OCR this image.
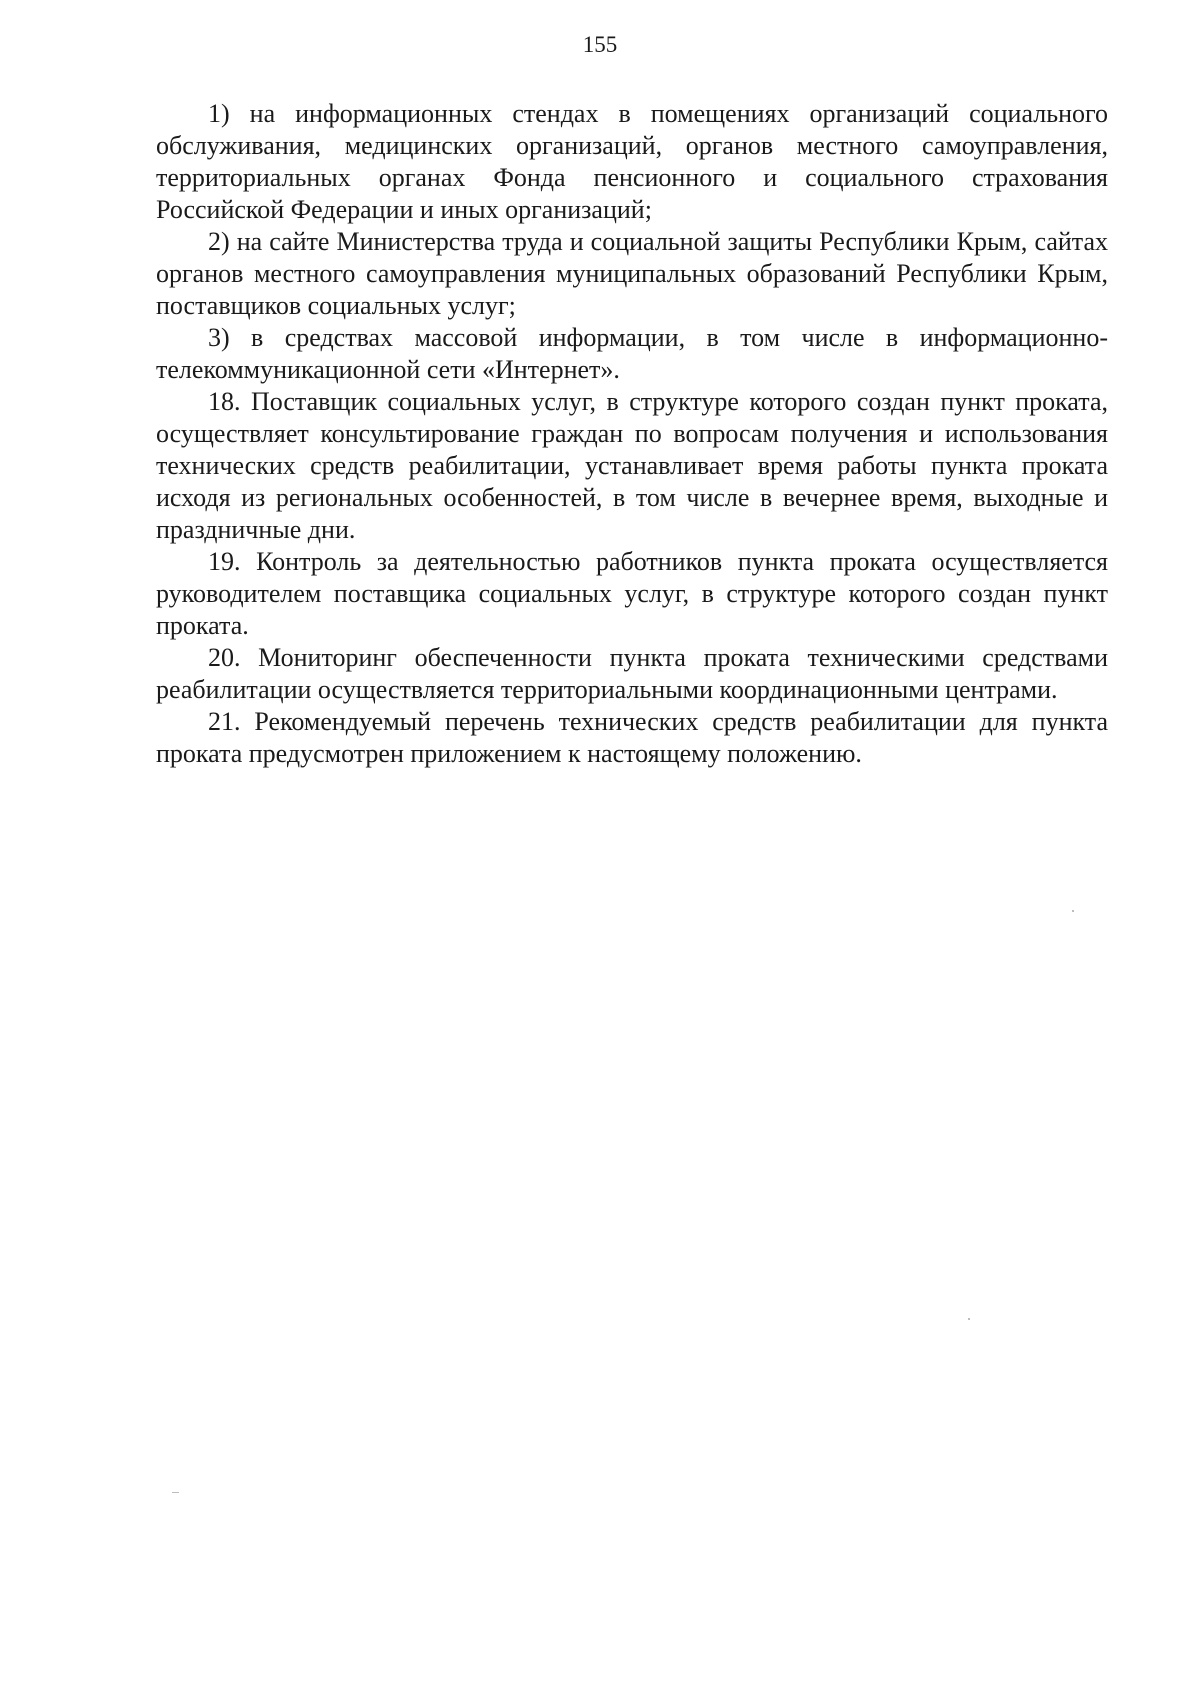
155

1) на информационных стендах в помещениях организаций социального обслуживания, медицинских организаций, органов местного самоуправления, территориальных органах Фонда пенсионного и социального страхования Российской Федерации и иных организаций;

2) на сайте Министерства труда и социальной защиты Республики Крым, сайтах органов местного самоуправления муниципальных образований Республики Крым, поставщиков социальных услуг;

3) в средствах массовой информации, в том числе в информационно-телекоммуникационной сети «Интернет».

18. Поставщик социальных услуг, в структуре которого создан пункт проката, осуществляет консультирование граждан по вопросам получения и использования технических средств реабилитации, устанавливает время работы пункта проката исходя из региональных особенностей, в том числе в вечернее время, выходные и праздничные дни.

19. Контроль за деятельностью работников пункта проката осуществляется руководителем поставщика социальных услуг, в структуре которого создан пункт проката.

20. Мониторинг обеспеченности пункта проката техническими средствами реабилитации осуществляется территориальными координационными центрами.

21. Рекомендуемый перечень технических средств реабилитации для пункта проката предусмотрен приложением к настоящему положению.
